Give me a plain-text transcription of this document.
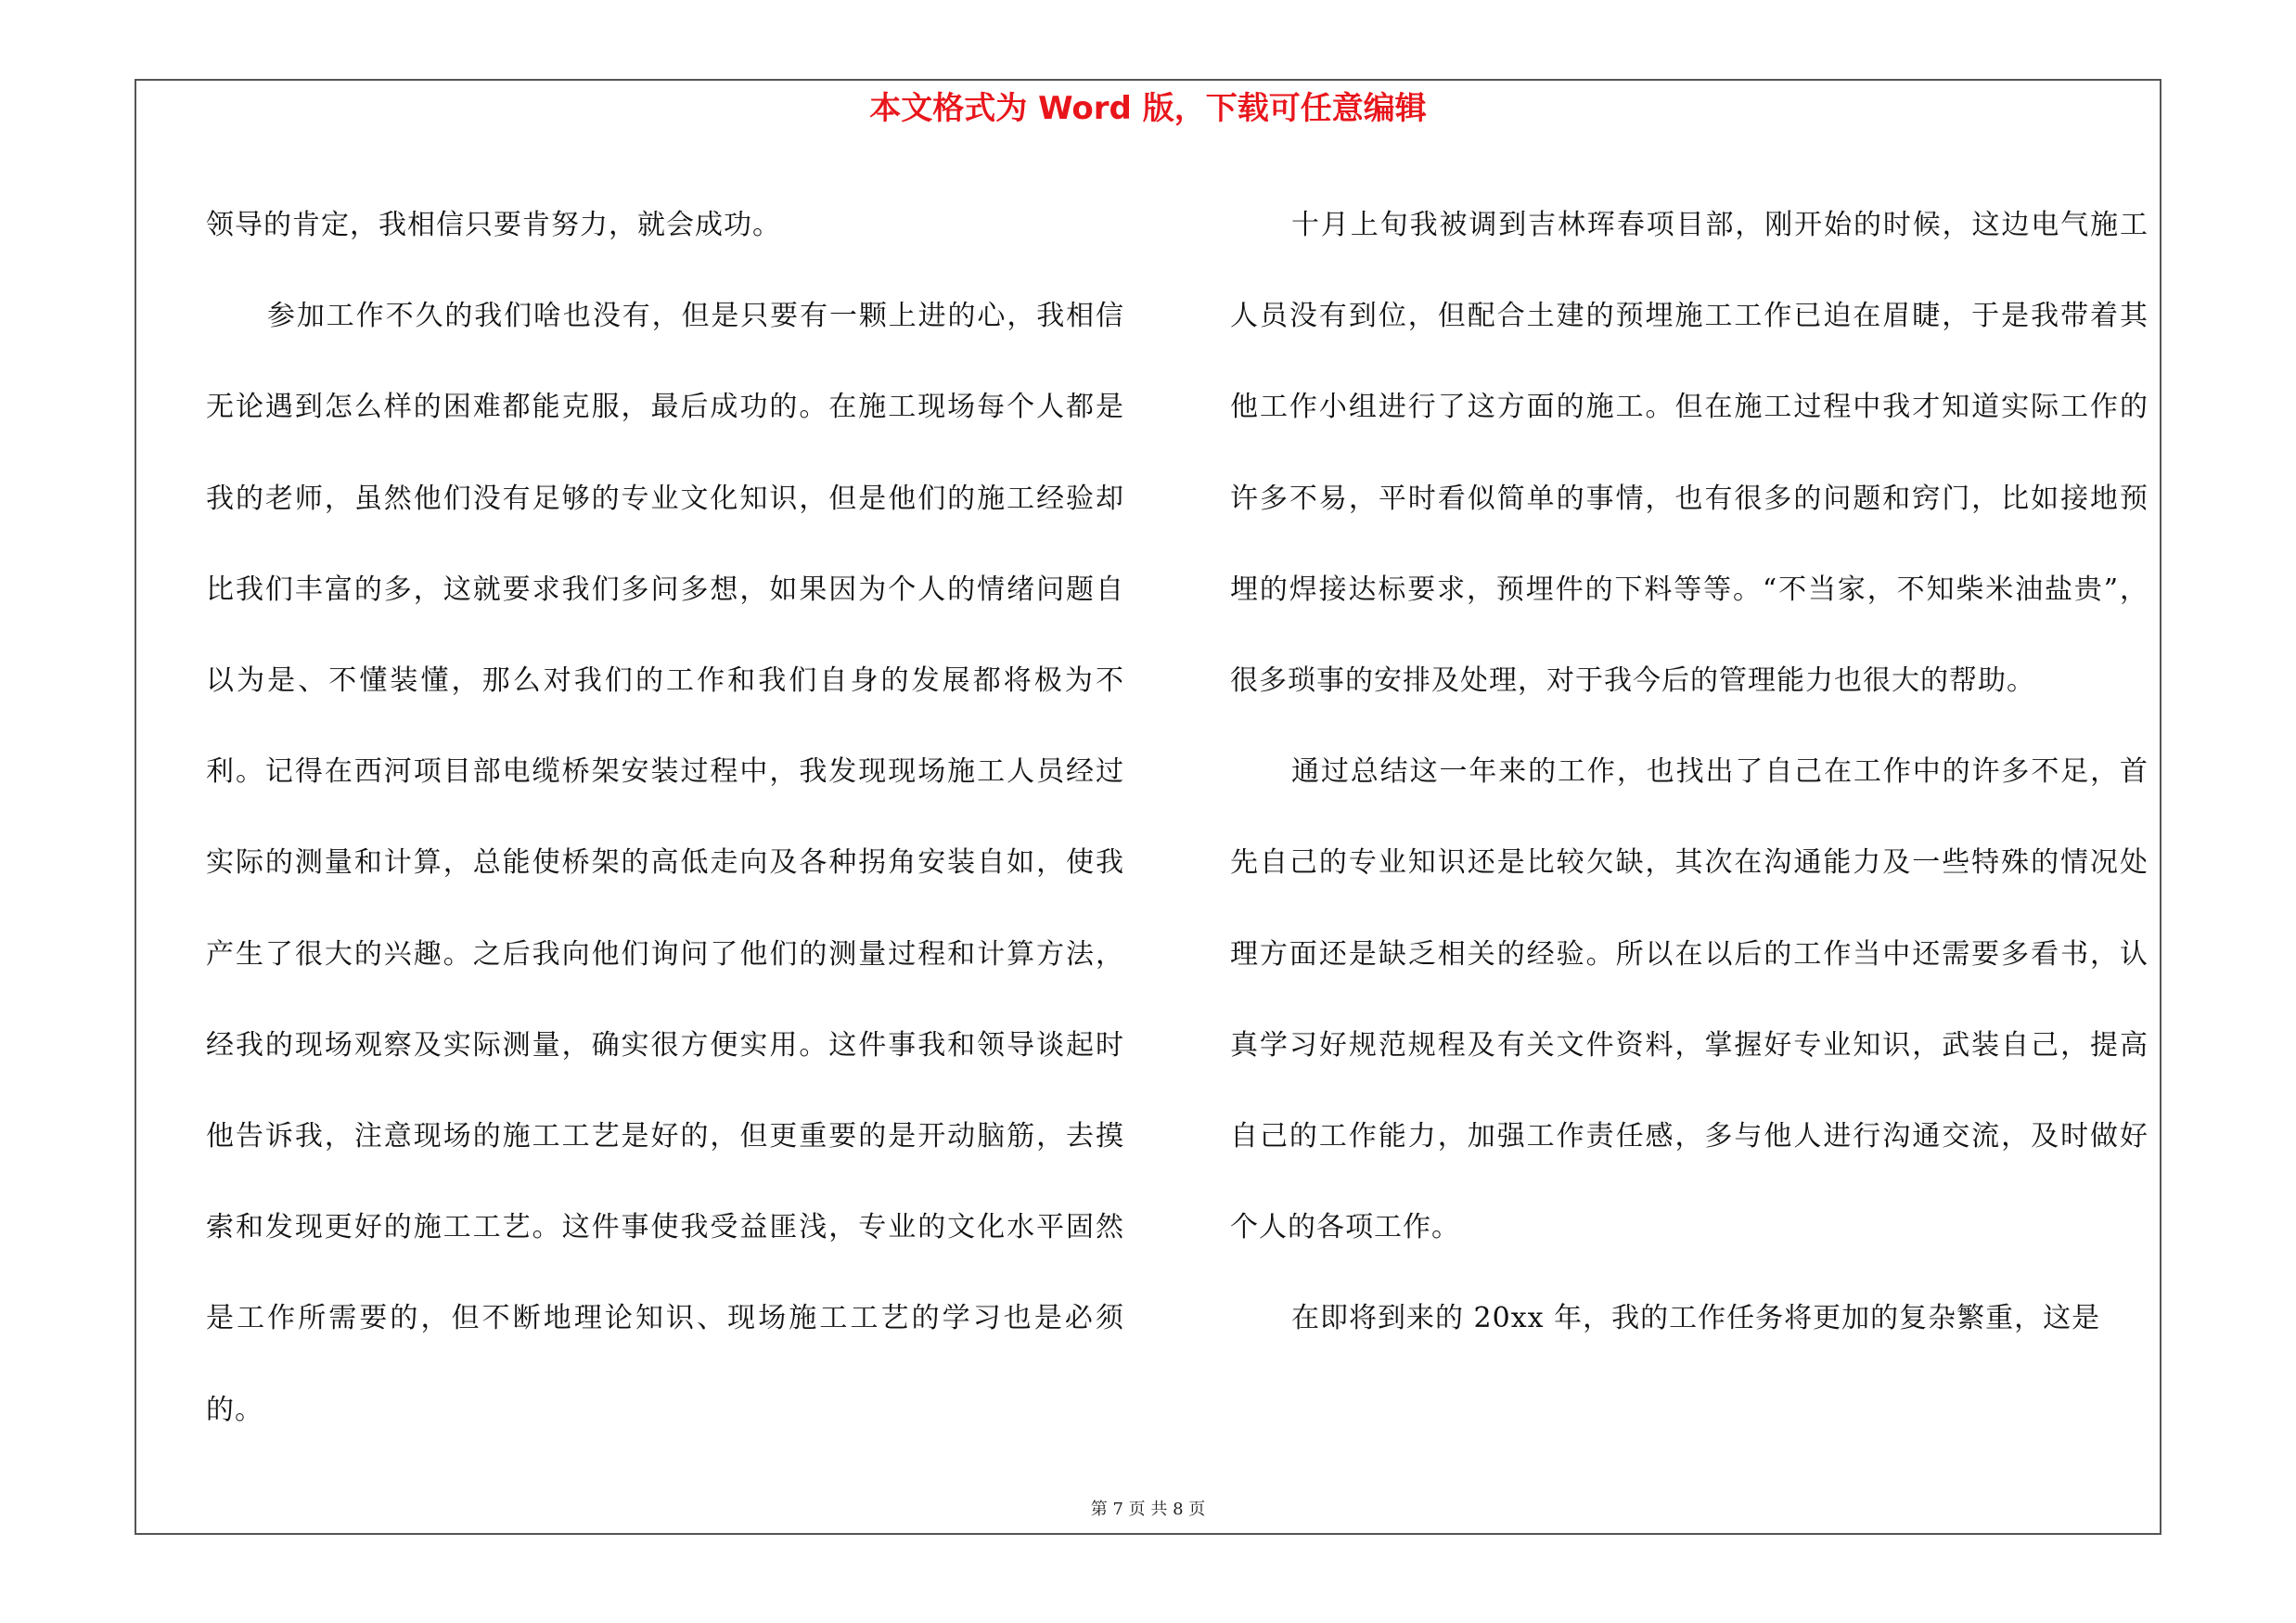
本文格式为 Word 版，下载可任意编辑

领导的肯定，我相信只要肯努力，就会成功。

参加工作不久的我们啥也没有，但是只要有一颗上进的心，我相信无论遇到怎么样的困难都能克服，最后成功的。在施工现场每个人都是我的老师，虽然他们没有足够的专业文化知识，但是他们的施工经验却比我们丰富的多，这就要求我们多问多想，如果因为个人的情绪问题自以为是、不懂装懂，那么对我们的工作和我们自身的发展都将极为不利。记得在西河项目部电缆桥架安装过程中，我发现现场施工人员经过实际的测量和计算，总能使桥架的高低走向及各种拐角安装自如，使我产生了很大的兴趣。之后我向他们询问了他们的测量过程和计算方法，经我的现场观察及实际测量，确实很方便实用。这件事我和领导谈起时他告诉我，注意现场的施工工艺是好的，但更重要的是开动脑筋，去摸索和发现更好的施工工艺。这件事使我受益匪浅，专业的文化水平固然是工作所需要的，但不断地理论知识、现场施工工艺的学习也是必须的。

十月上旬我被调到吉林珲春项目部，刚开始的时候，这边电气施工人员没有到位，但配合土建的预埋施工工作已迫在眉睫，于是我带着其他工作小组进行了这方面的施工。但在施工过程中我才知道实际工作的许多不易，平时看似简单的事情，也有很多的问题和窍门，比如接地预埋的焊接达标要求，预埋件的下料等等。“不当家，不知柴米油盐贵”，很多琐事的安排及处理，对于我今后的管理能力也很大的帮助。

通过总结这一年来的工作，也找出了自己在工作中的许多不足，首先自己的专业知识还是比较欠缺，其次在沟通能力及一些特殊的情况处理方面还是缺乏相关的经验。所以在以后的工作当中还需要多看书，认真学习好规范规程及有关文件资料，掌握好专业知识，武装自己，提高自己的工作能力，加强工作责任感，多与他人进行沟通交流，及时做好个人的各项工作。

在即将到来的 20xx 年，我的工作任务将更加的复杂繁重，这是

第 7 页 共 8 页
